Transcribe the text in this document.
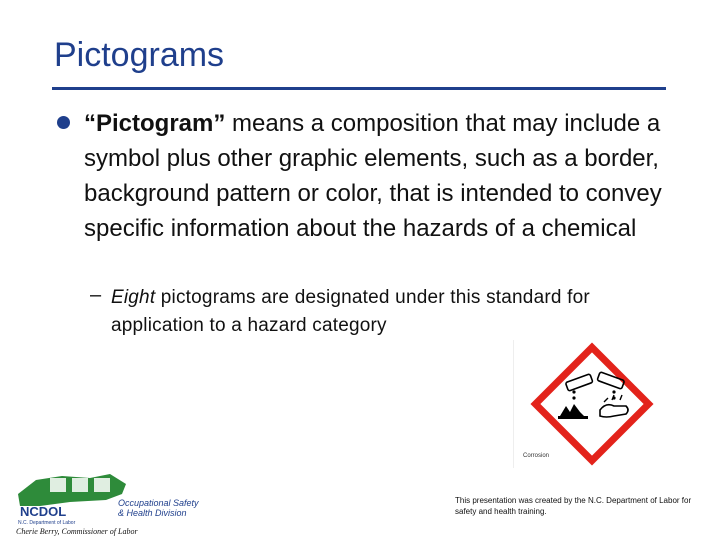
Pictograms
“Pictogram” means a composition that may include a symbol plus other graphic elements, such as a border, background pattern or color, that is intended to convey specific information about the hazards of a chemical
– Eight pictograms are designated under this standard for application to a hazard category
Corrosion
NCDOL
N.C. Department of Labor
Occupational Safety
& Health Division
Cherie Berry, Commissioner of Labor
This presentation was created by the N.C. Department of Labor for safety and health training.
